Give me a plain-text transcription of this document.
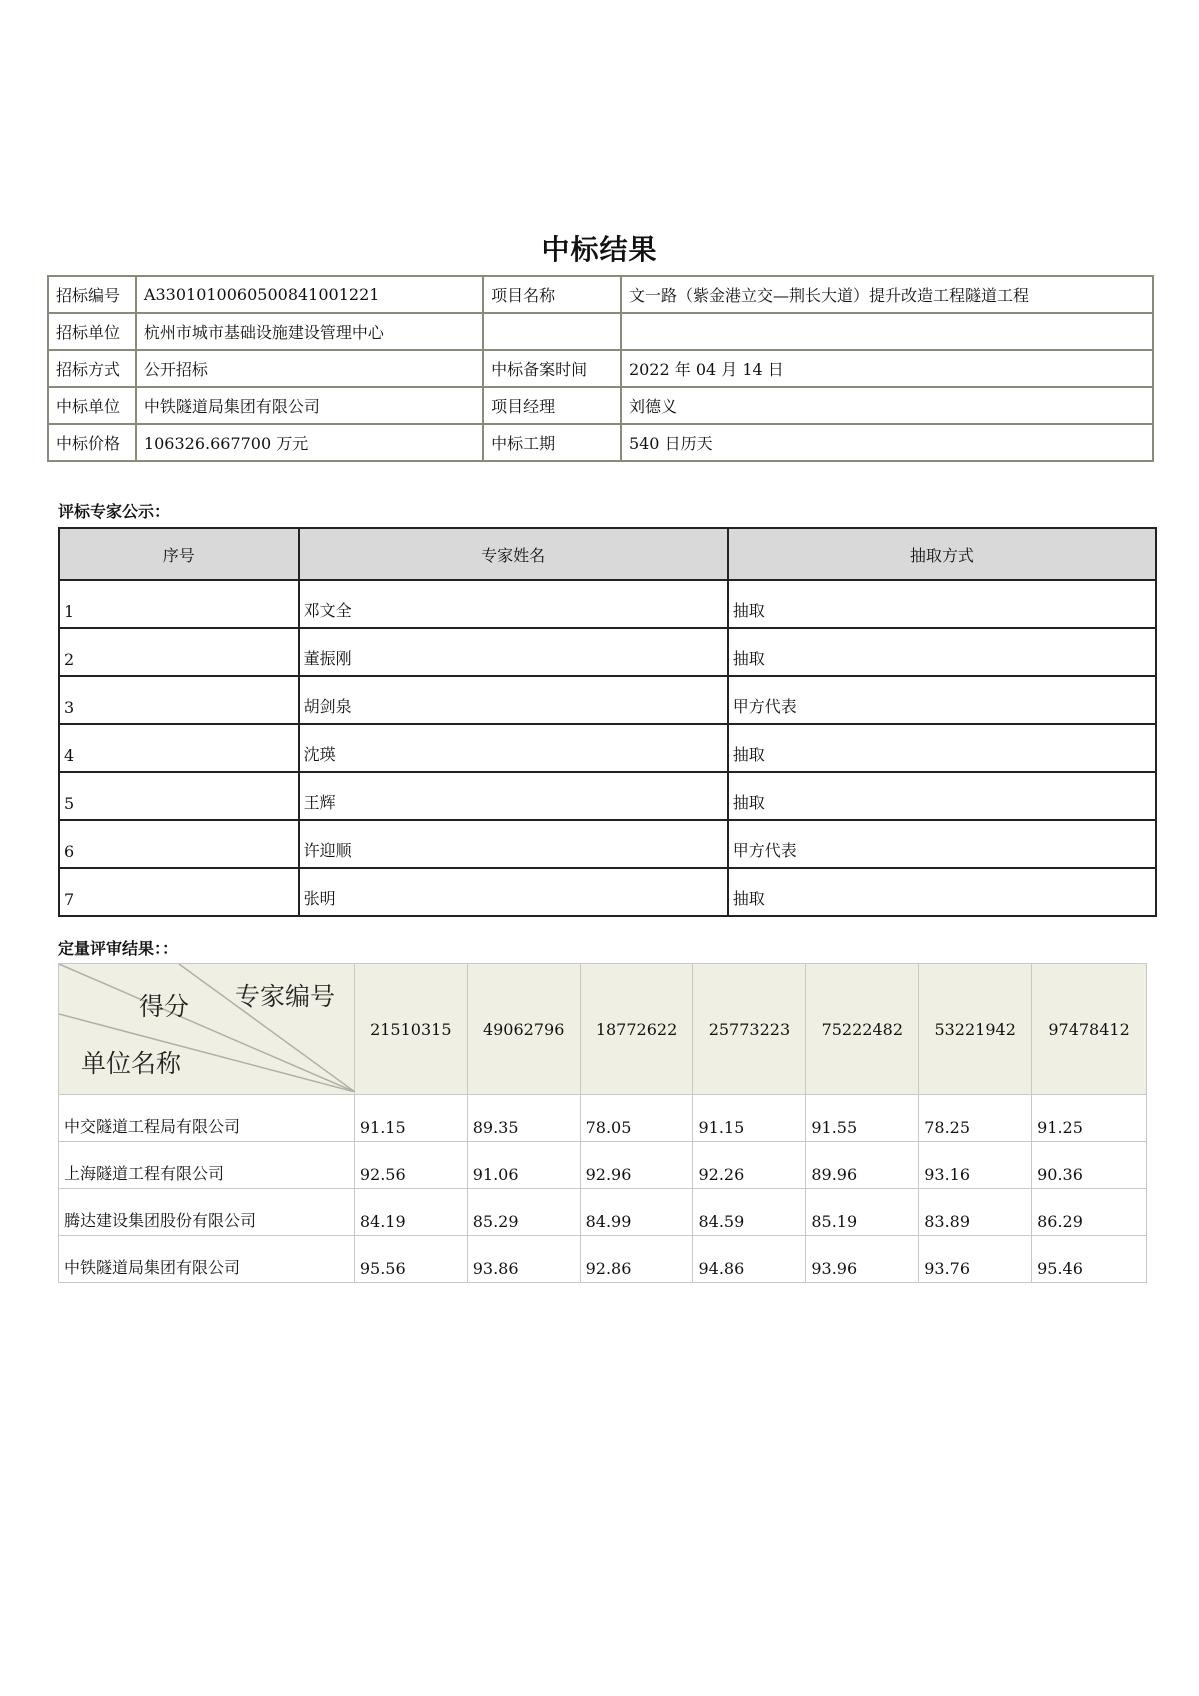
中标结果
招标编号	A3301010060500841001221	项目名称	文一路（紫金港立交—荆长大道）提升改造工程隧道工程
招标单位	杭州市城市基础设施建设管理中心		
招标方式	公开招标	中标备案时间	2022 年 04 月 14 日
中标单位	中铁隧道局集团有限公司	项目经理	刘德义
中标价格	106326.667700 万元	中标工期	540 日历天
评标专家公示：
序号	专家姓名	抽取方式
1	邓文全	抽取
2	董振刚	抽取
3	胡剑泉	甲方代表
4	沈瑛	抽取
5	王辉	抽取
6	许迎顺	甲方代表
7	张明	抽取
定量评审结果：：
专家编号
得分
单位名称	21510315	49062796	18772622	25773223	75222482	53221942	97478412
中交隧道工程局有限公司	91.15	89.35	78.05	91.15	91.55	78.25	91.25
上海隧道工程有限公司	92.56	91.06	92.96	92.26	89.96	93.16	90.36
腾达建设集团股份有限公司	84.19	85.29	84.99	84.59	85.19	83.89	86.29
中铁隧道局集团有限公司	95.56	93.86	92.86	94.86	93.96	93.76	95.46
